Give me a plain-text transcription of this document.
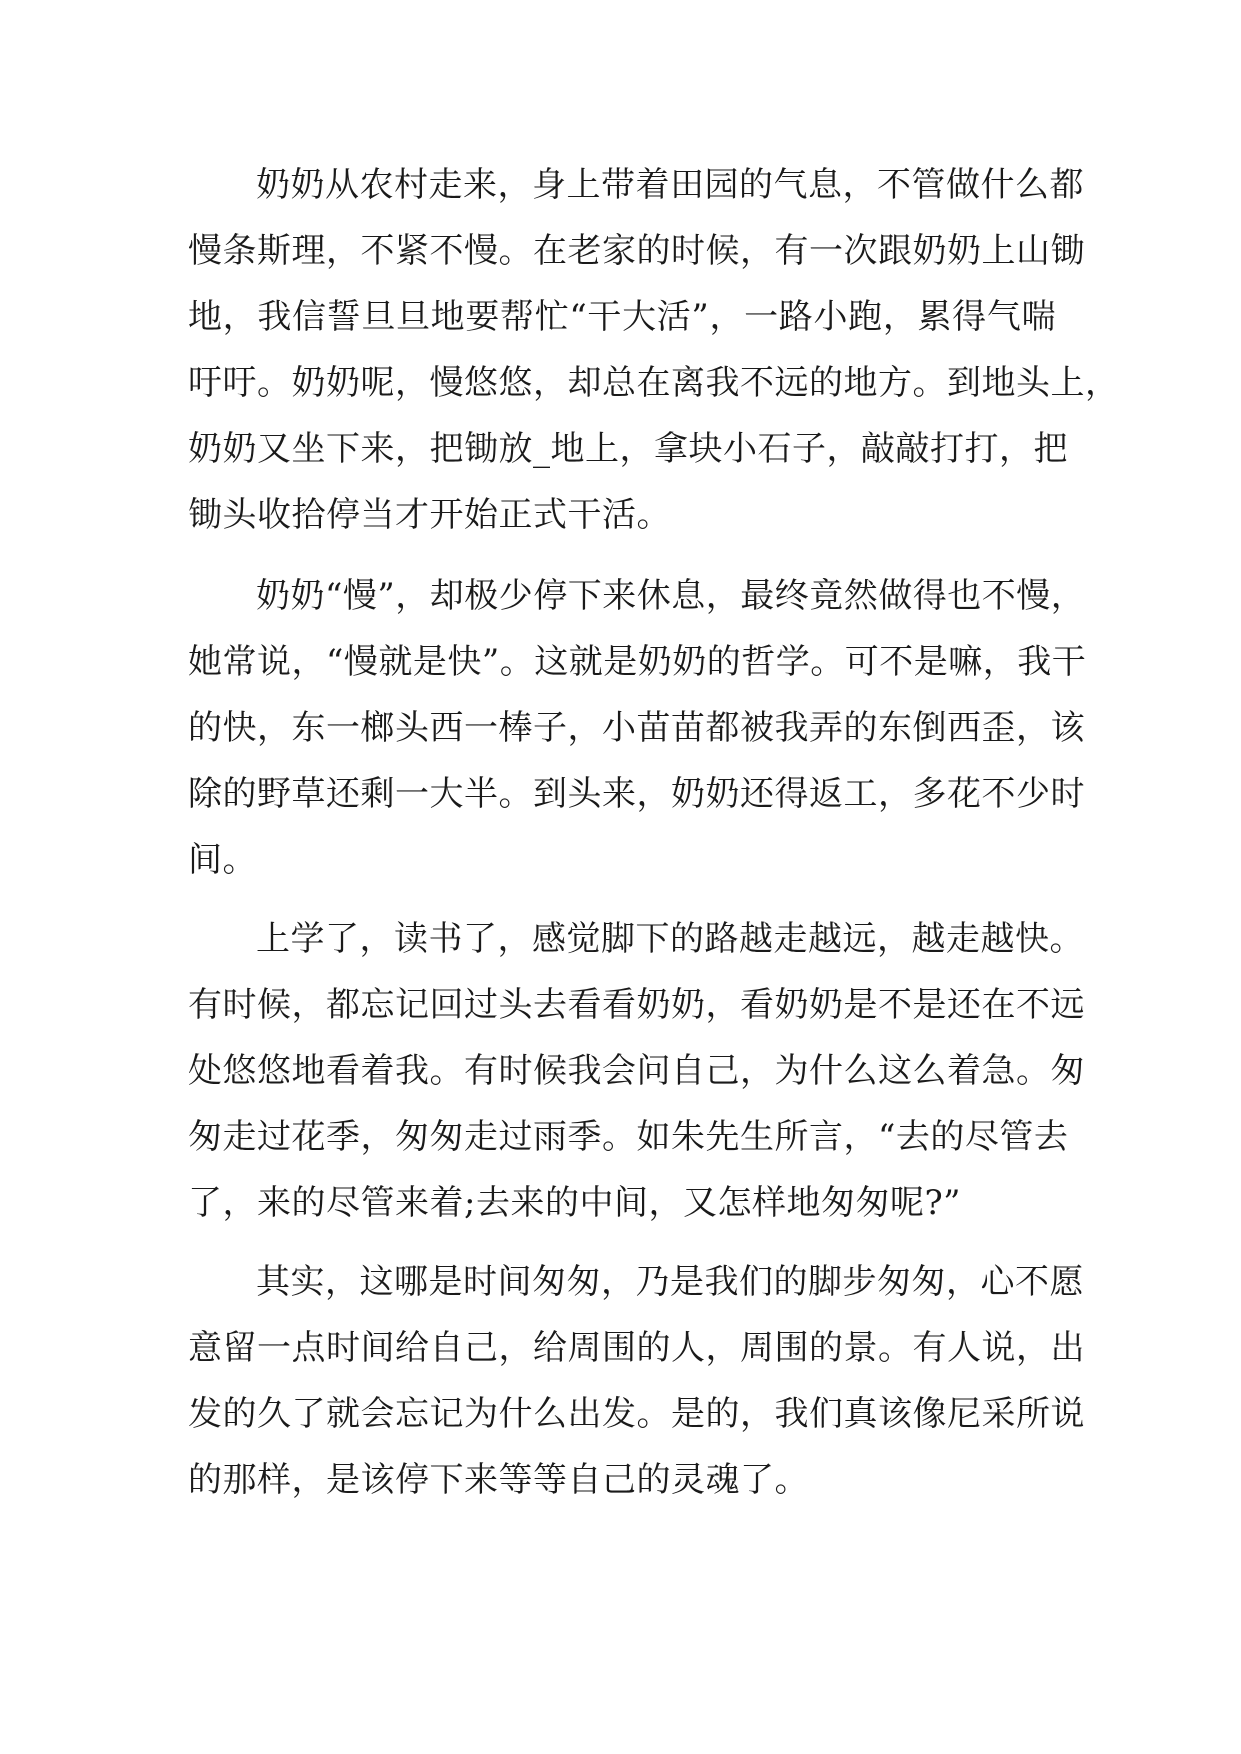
奶奶从农村走来，身上带着田园的气息，不管做什么都
慢条斯理，不紧不慢。在老家的时候，有一次跟奶奶上山锄
地，我信誓旦旦地要帮忙“干大活”，一路小跑，累得气喘
吁吁。奶奶呢，慢悠悠，却总在离我不远的地方。到地头上，
奶奶又坐下来，把锄放_地上，拿块小石子，敲敲打打，把
锄头收拾停当才开始正式干活。
奶奶“慢”，却极少停下来休息，最终竟然做得也不慢，
她常说，“慢就是快”。这就是奶奶的哲学。可不是嘛，我干
的快，东一榔头西一棒子，小苗苗都被我弄的东倒西歪，该
除的野草还剩一大半。到头来，奶奶还得返工，多花不少时
间。
上学了，读书了，感觉脚下的路越走越远，越走越快。
有时候，都忘记回过头去看看奶奶，看奶奶是不是还在不远
处悠悠地看着我。有时候我会问自己，为什么这么着急。匆
匆走过花季，匆匆走过雨季。如朱先生所言，“去的尽管去
了，来的尽管来着;去来的中间，又怎样地匆匆呢?”
其实，这哪是时间匆匆，乃是我们的脚步匆匆，心不愿
意留一点时间给自己，给周围的人，周围的景。有人说，出
发的久了就会忘记为什么出发。是的，我们真该像尼采所说
的那样，是该停下来等等自己的灵魂了。
